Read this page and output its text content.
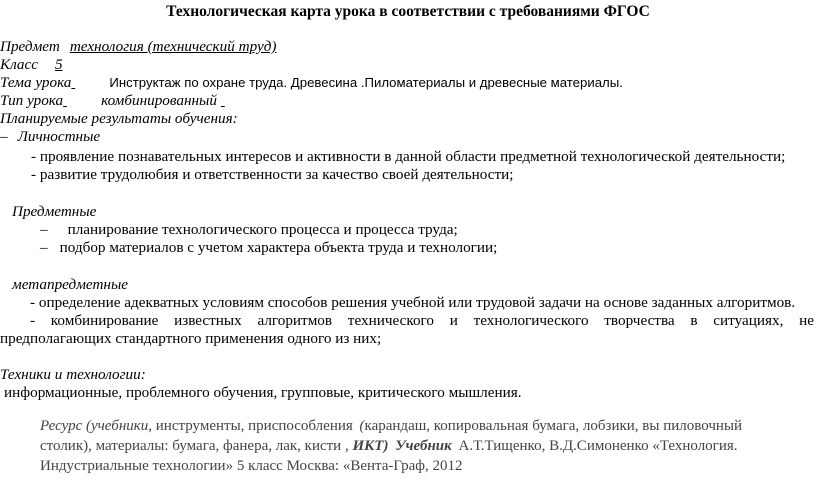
Технологическая карта урока в соответствии с требованиями ФГОС
Предмет технология (технический труд)
Класс 5
Тема урока	Инструктаж по охране труда. Древесина .Пиломатериалы и древесные материалы.
Тип урока	комбинированный
Планируемые результаты обучения:
– Личностные
- проявление познавательных интересов и активности в данной области предметной технологической деятельности;
- развитие трудолюбия и ответственности за качество своей деятельности;
Предметные
– планирование технологического процесса и процесса труда;
– подбор материалов с учетом характера объекта труда и технологии;
метапредметные
- определение адекватных условиям способов решения учебной или трудовой задачи на основе заданных алгоритмов.
- комбинирование известных алгоритмов технического и технологического творчества в ситуациях, не
предполагающих стандартного применения одного из них;
Техники и технологии:
информационные, проблемного обучения, групповые, критического мышления.
Ресурс (учебники, инструменты, приспособления (карандаш, копировальная бумага, лобзики, вы пиловочный
столик), материалы: бумага, фанера, лак, кисти , ИКТ) Учебник А.Т.Тищенко, В.Д.Симоненко «Технология.
Индустриальные технологии» 5 класс Москва: «Вента-Граф, 2012
